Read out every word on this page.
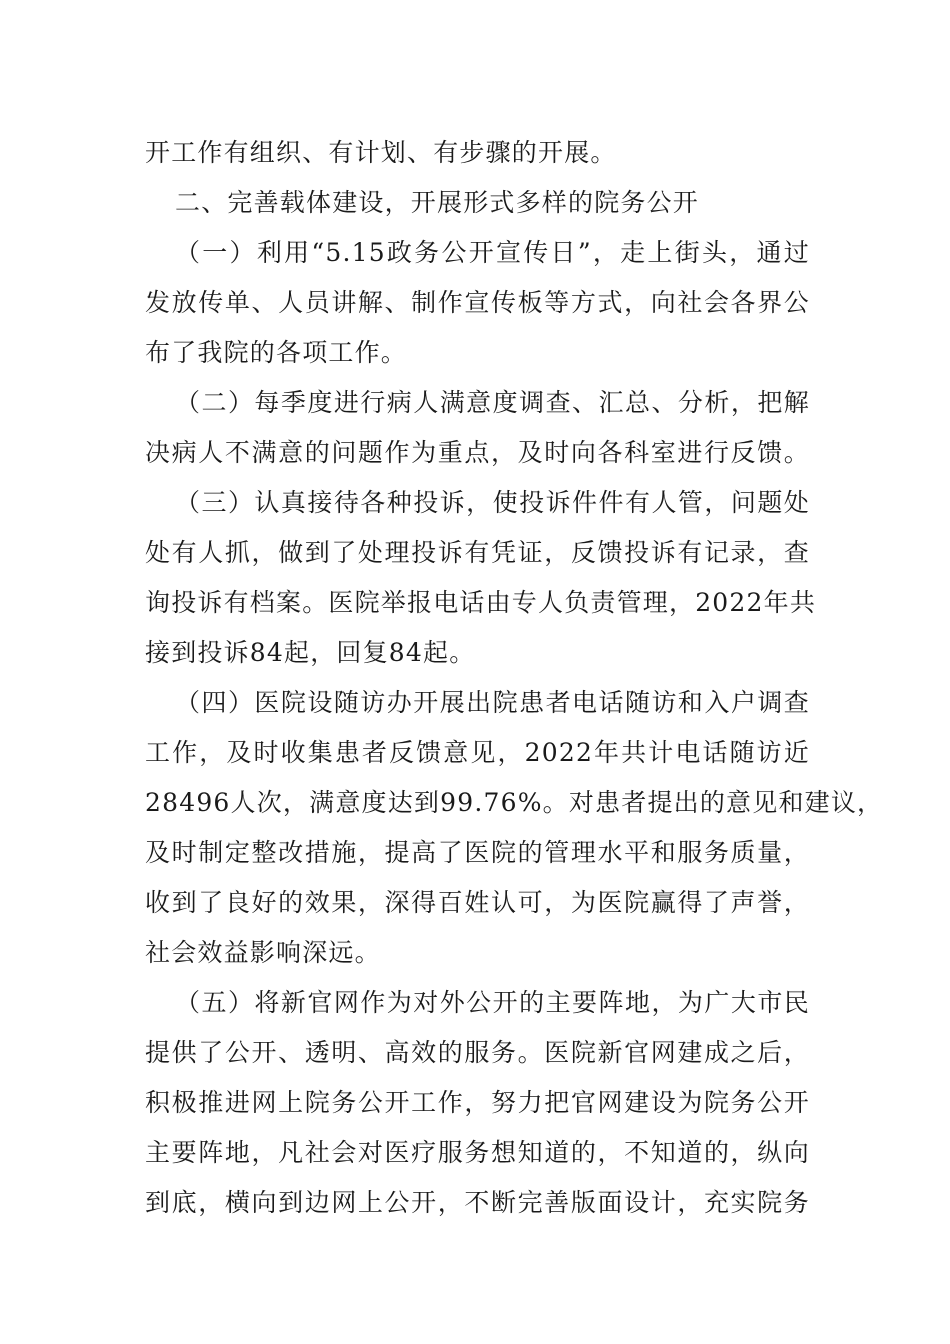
开工作有组织、有计划、有步骤的开展。
二、完善载体建设，开展形式多样的院务公开
（一）利用“5.15政务公开宣传日”，走上街头，通过
发放传单、人员讲解、制作宣传板等方式，向社会各界公
布了我院的各项工作。
（二）每季度进行病人满意度调查、汇总、分析，把解
决病人不满意的问题作为重点，及时向各科室进行反馈。
（三）认真接待各种投诉，使投诉件件有人管，问题处
处有人抓，做到了处理投诉有凭证，反馈投诉有记录，查
询投诉有档案。医院举报电话由专人负责管理，2022年共
接到投诉84起，回复84起。
（四）医院设随访办开展出院患者电话随访和入户调查
工作，及时收集患者反馈意见，2022年共计电话随访近
28496人次，满意度达到99.76%。对患者提出的意见和建议，
及时制定整改措施，提高了医院的管理水平和服务质量，
收到了良好的效果，深得百姓认可，为医院赢得了声誉，
社会效益影响深远。
（五）将新官网作为对外公开的主要阵地，为广大市民
提供了公开、透明、高效的服务。医院新官网建成之后，
积极推进网上院务公开工作，努力把官网建设为院务公开
主要阵地，凡社会对医疗服务想知道的，不知道的，纵向
到底，横向到边网上公开，不断完善版面设计，充实院务
